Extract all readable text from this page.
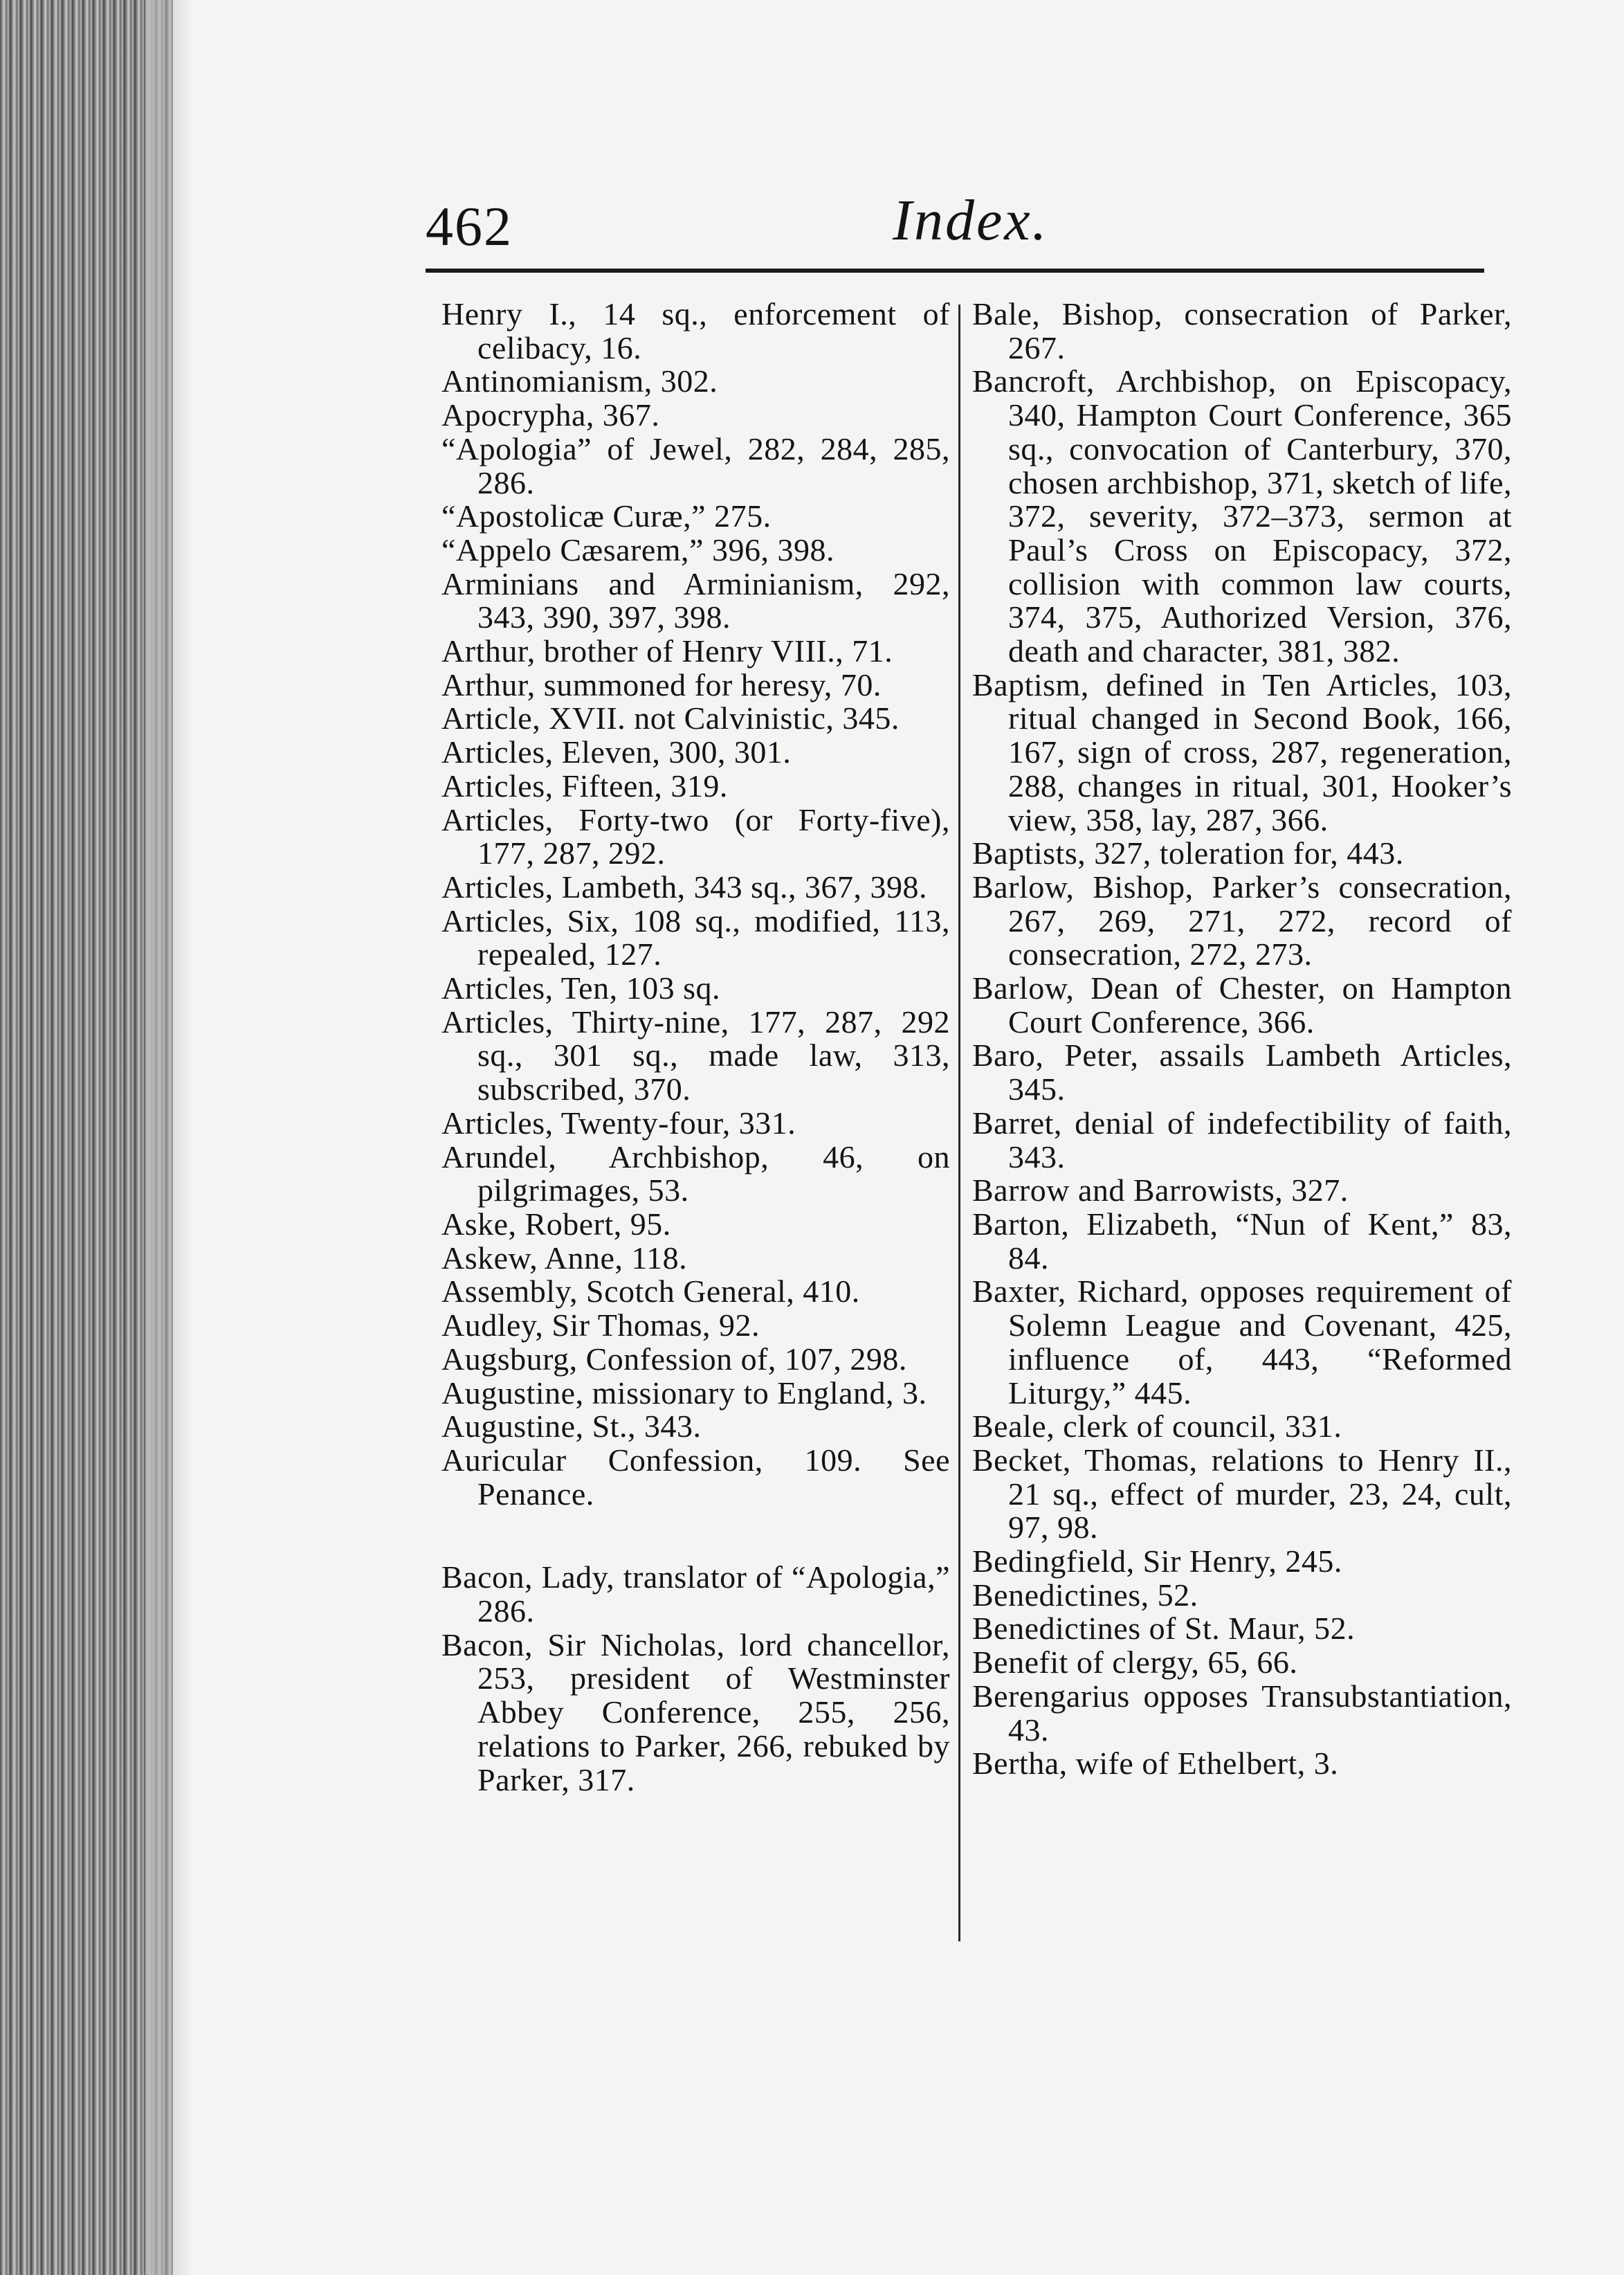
462	Index.

Henry I., 14 sq., enforcement of celibacy, 16.

Antinomianism, 302.

Apocrypha, 367.

“Apologia” of Jewel, 282, 284, 285, 286.

“Apostolicæ Curæ,” 275.

“Appelo Cæsarem,” 396, 398.

Arminians and Arminianism, 292, 343, 390, 397, 398.

Arthur, brother of Henry VIII., 71.

Arthur, summoned for heresy, 70.

Article, XVII. not Calvinistic, 345.

Articles, Eleven, 300, 301.

Articles, Fifteen, 319.

Articles, Forty-two (or Forty-five), 177, 287, 292.

Articles, Lambeth, 343 sq., 367, 398.

Articles, Six, 108 sq., modified, 113, repealed, 127.

Articles, Ten, 103 sq.

Articles, Thirty-nine, 177, 287, 292 sq., 301 sq., made law, 313, subscribed, 370.

Articles, Twenty-four, 331.

Arundel, Archbishop, 46, on pilgrimages, 53.

Aske, Robert, 95.

Askew, Anne, 118.

Assembly, Scotch General, 410.

Audley, Sir Thomas, 92.

Augsburg, Confession of, 107, 298.

Augustine, missionary to England, 3.

Augustine, St., 343.

Auricular Confession, 109. See Penance.

Bacon, Lady, translator of “Apologia,” 286.

Bacon, Sir Nicholas, lord chancellor, 253, president of Westminster Abbey Conference, 255, 256, relations to Parker, 266, rebuked by Parker, 317.

Bale, Bishop, consecration of Parker, 267.

Bancroft, Archbishop, on Episcopacy, 340, Hampton Court Conference, 365 sq., convocation of Canterbury, 370, chosen archbishop, 371, sketch of life, 372, severity, 372–373, sermon at Paul’s Cross on Episcopacy, 372, collision with common law courts, 374, 375, Authorized Version, 376, death and character, 381, 382.

Baptism, defined in Ten Articles, 103, ritual changed in Second Book, 166, 167, sign of cross, 287, regeneration, 288, changes in ritual, 301, Hooker’s view, 358, lay, 287, 366.

Baptists, 327, toleration for, 443.

Barlow, Bishop, Parker’s consecration, 267, 269, 271, 272, record of consecration, 272, 273.

Barlow, Dean of Chester, on Hampton Court Conference, 366.

Baro, Peter, assails Lambeth Articles, 345.

Barret, denial of indefectibility of faith, 343.

Barrow and Barrowists, 327.

Barton, Elizabeth, “Nun of Kent,” 83, 84.

Baxter, Richard, opposes requirement of Solemn League and Covenant, 425, influence of, 443, “Reformed Liturgy,” 445.

Beale, clerk of council, 331.

Becket, Thomas, relations to Henry II., 21 sq., effect of murder, 23, 24, cult, 97, 98.

Bedingfield, Sir Henry, 245.

Benedictines, 52.

Benedictines of St. Maur, 52.

Benefit of clergy, 65, 66.

Berengarius opposes Transubstantiation, 43.

Bertha, wife of Ethelbert, 3.
